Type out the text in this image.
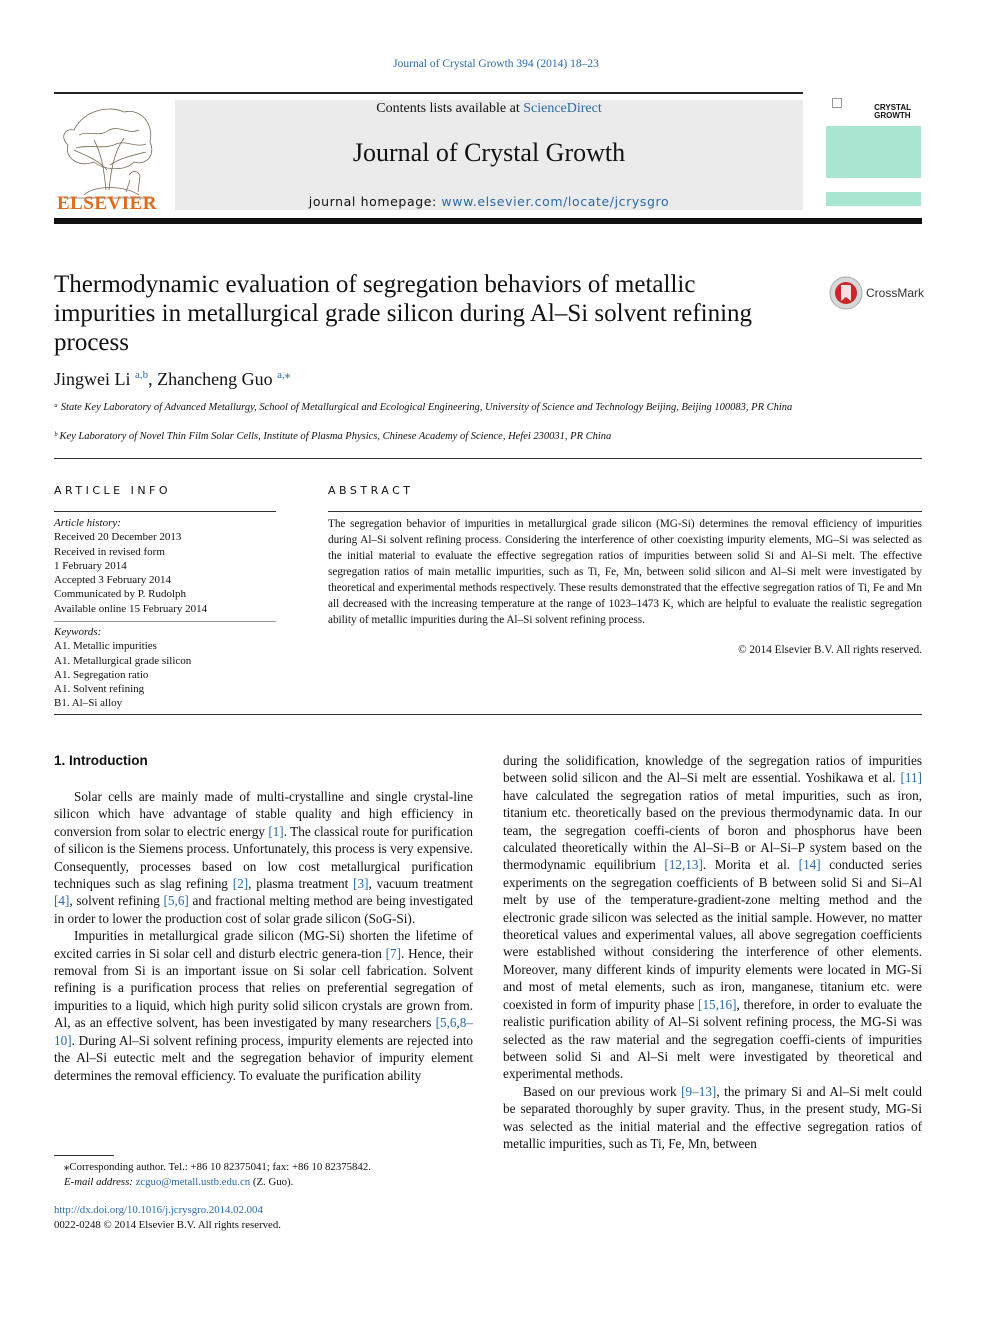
Journal of Crystal Growth 394 (2014) 18–23
ELSEVIER
Contents lists available at ScienceDirect
Journal of Crystal Growth
journal homepage: www.elsevier.com/locate/jcrysgro
CRYSTAL
GROWTH
Thermodynamic evaluation of segregation behaviors of metallic impurities in metallurgical grade silicon during Al–Si solvent refining process
CrossMark
Jingwei Li $^{a,b}$, Zhancheng Guo $^{a,⁎}$
ᵃ State Key Laboratory of Advanced Metallurgy, School of Metallurgical and Ecological Engineering, University of Science and Technology Beijing, Beijing 100083, PR China
ᵇ Key Laboratory of Novel Thin Film Solar Cells, Institute of Plasma Physics, Chinese Academy of Science, Hefei 230031, PR China
ARTICLE INFO	ABSTRACT
Article history:
Received 20 December 2013
Received in revised form
1 February 2014
Accepted 3 February 2014
Communicated by P. Rudolph
Available online 15 February 2014
Keywords:
A1. Metallic impurities
A1. Metallurgical grade silicon
A1. Segregation ratio
A1. Solvent refining
B1. Al–Si alloy
The segregation behavior of impurities in metallurgical grade silicon (MG-Si) determines the removal efficiency of impurities during Al–Si solvent refining process. Considering the interference of other coexisting impurity elements, MG–Si was selected as the initial material to evaluate the effective segregation ratios of impurities between solid Si and Al–Si melt. The effective segregation ratios of main metallic impurities, such as Ti, Fe, Mn, between solid silicon and Al–Si melt were investigated by theoretical and experimental methods respectively. These results demonstrated that the effective segregation ratios of Ti, Fe and Mn all decreased with the increasing temperature at the range of 1023–1473 K, which are helpful to evaluate the realistic segregation ability of metallic impurities during the Al–Si solvent refining process.
© 2014 Elsevier B.V. All rights reserved.
1. Introduction

Solar cells are mainly made of multi-crystalline and single crystal-line silicon which have advantage of stable quality and high efficiency in conversion from solar to electric energy [1]. The classical route for purification of silicon is the Siemens process. Unfortunately, this process is very expensive. Consequently, processes based on low cost metallurgical purification techniques such as slag refining [2], plasma treatment [3], vacuum treatment [4], solvent refining [5,6] and fractional melting method are being investigated in order to lower the production cost of solar grade silicon (SoG-Si).

Impurities in metallurgical grade silicon (MG-Si) shorten the lifetime of excited carries in Si solar cell and disturb electric genera-tion [7]. Hence, their removal from Si is an important issue on Si solar cell fabrication. Solvent refining is a purification process that relies on preferential segregation of impurities to a liquid, which high purity solid silicon crystals are grown from. Al, as an effective solvent, has been investigated by many researchers [5,6,8–10]. During Al–Si solvent refining process, impurity elements are rejected into the Al–Si eutectic melt and the segregation behavior of impurity element determines the removal efficiency. To evaluate the purification ability

during the solidification, knowledge of the segregation ratios of impurities between solid silicon and the Al–Si melt are essential. Yoshikawa et al. [11] have calculated the segregation ratios of metal impurities, such as iron, titanium etc. theoretically based on the previous thermodynamic data. In our team, the segregation coeffi-cients of boron and phosphorus have been calculated theoretically within the Al–Si–B or Al–Si–P system based on the thermodynamic equilibrium [12,13]. Morita et al. [14] conducted series experiments on the segregation coefficients of B between solid Si and Si–Al melt by use of the temperature-gradient-zone melting method and the electronic grade silicon was selected as the initial sample. However, no matter theoretical values and experimental values, all above segregation coefficients were established without considering the interference of other elements. Moreover, many different kinds of impurity elements were located in MG-Si and most of metal elements, such as iron, manganese, titanium etc. were coexisted in form of impurity phase [15,16], therefore, in order to evaluate the realistic purification ability of Al–Si solvent refining process, the MG-Si was selected as the raw material and the segregation coeffi-cients of impurities between solid Si and Al–Si melt were investigated by theoretical and experimental methods.

Based on our previous work [9–13], the primary Si and Al–Si melt could be separated thoroughly by super gravity. Thus, in the present study, MG-Si was selected as the initial material and the effective segregation ratios of metallic impurities, such as Ti, Fe, Mn, between

⁎Corresponding author. Tel.: +86 10 82375041; fax: +86 10 82375842.
E-mail address: zcguo@metall.ustb.edu.cn (Z. Guo).
http://dx.doi.org/10.1016/j.jcrysgro.2014.02.004
0022-0248 © 2014 Elsevier B.V. All rights reserved.
